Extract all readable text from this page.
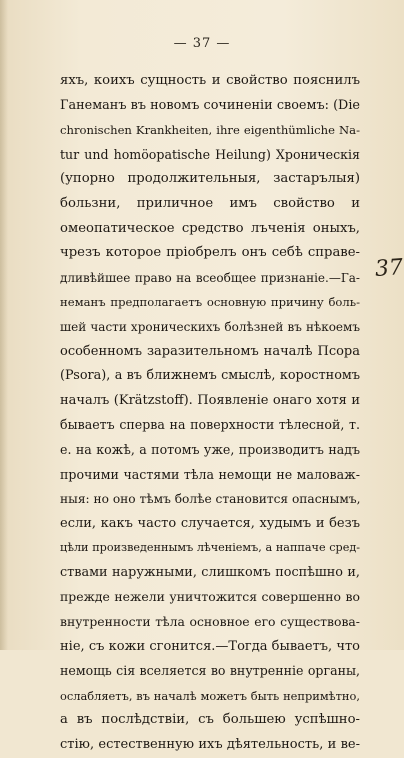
— 37 —
яхъ, коихъ сущность и свойство пояснилъ
Ганеманъ въ новомъ сочиненіи своемъ: (Die
chronischen Krankheiten, ihre eigenthümliche Na-
tur und homöopatische Heilung) Хроническія
(упорно продолжительныя, застарълыя)
бользни, приличное имъ свойство и
омеопатическое средство лъченія оныхъ,
чрезъ которое пріобрелъ онъ себѣ справе-
дливѣйшее право на всеобщее признаніе.—Га-
неманъ предполагаетъ основную причину боль-
шей части хроническихъ болѣзней въ нѣкоемъ
особенномъ заразительномъ началѣ Псора
(Psora), а въ ближнемъ смыслѣ, коростномъ
началъ (Krätzstoff). Появленіе онаго хотя и
бываетъ сперва на поверхности тѣлесной, т.
е. на кожѣ, а потомъ уже, производитъ надъ
прочими частями тѣла немощи не маловаж-
ныя: но оно тѣмъ болѣе становится опаснымъ,
если, какъ часто случается, худымъ и безъ
цѣли произведеннымъ лѣченіемъ, а наппаче сред-
ствами наружными, слишкомъ поспѣшно и,
прежде нежели уничтожится совершенно во
внутренности тѣла основное его существова-
ніе, съ кожи сгонится.—Тогда бываетъ, что
немощь сія вселяется во внутренніе органы,
ослабляетъ, въ началѣ можетъ быть непримѣтно,
а въ послѣдствіи, съ большею успѣшно-
стію, естественную ихъ дѣятельность, и ве-
37
